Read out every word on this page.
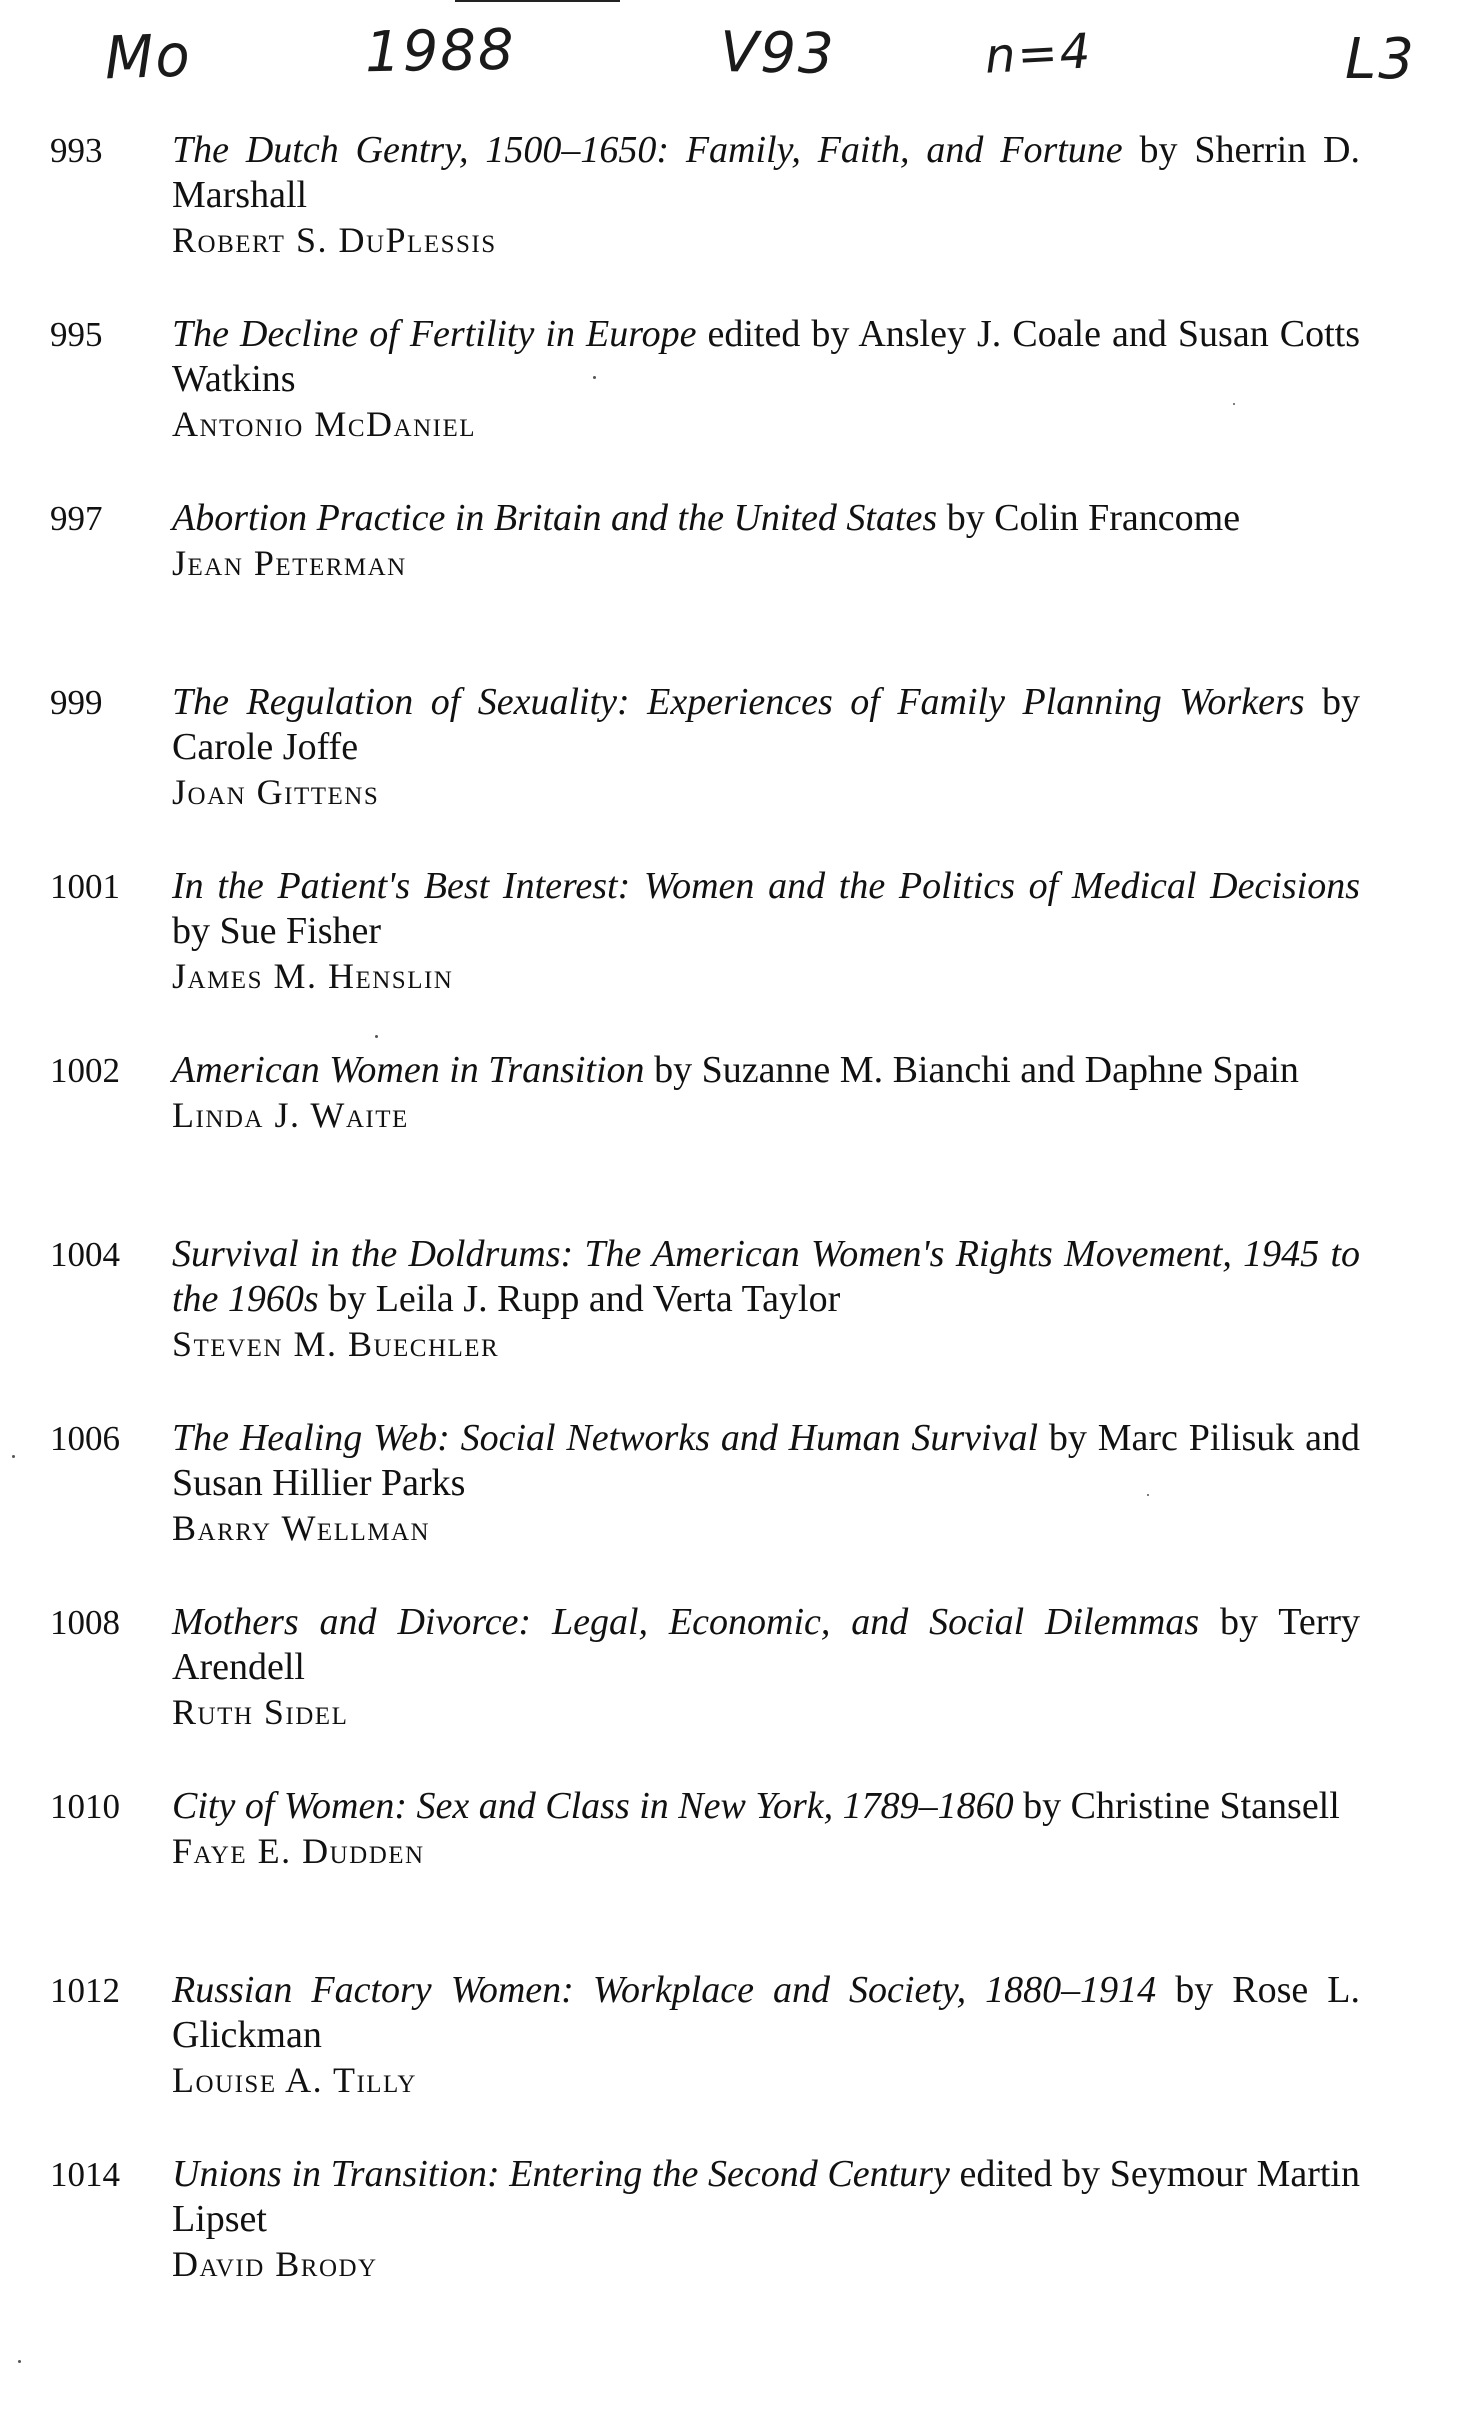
Mo	1988	V93	n=4	L3
993 The Dutch Gentry, 1500–1650: Family, Faith, and Fortune by Sherrin D. Marshall
Robert S. DuPlessis
995 The Decline of Fertility in Europe edited by Ansley J. Coale and Susan Cotts Watkins
Antonio McDaniel
997 Abortion Practice in Britain and the United States by Colin Francome
Jean Peterman
999 The Regulation of Sexuality: Experiences of Family Planning Workers by Carole Joffe
Joan Gittens
1001 In the Patient's Best Interest: Women and the Politics of Medical Decisions by Sue Fisher
James M. Henslin
1002 American Women in Transition by Suzanne M. Bianchi and Daphne Spain
Linda J. Waite
1004 Survival in the Doldrums: The American Women's Rights Movement, 1945 to the 1960s by Leila J. Rupp and Verta Taylor
Steven M. Buechler
1006 The Healing Web: Social Networks and Human Survival by Marc Pilisuk and Susan Hillier Parks
Barry Wellman
1008 Mothers and Divorce: Legal, Economic, and Social Dilemmas by Terry Arendell
Ruth Sidel
1010 City of Women: Sex and Class in New York, 1789–1860 by Christine Stansell
Faye E. Dudden
1012 Russian Factory Women: Workplace and Society, 1880–1914 by Rose L. Glickman
Louise A. Tilly
1014 Unions in Transition: Entering the Second Century edited by Seymour Martin Lipset
David Brody
